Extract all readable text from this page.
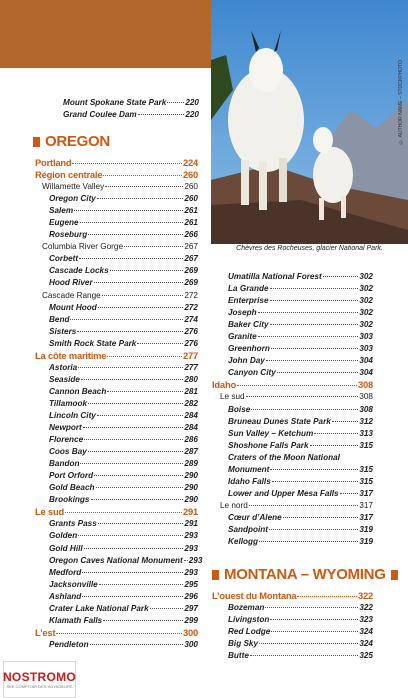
© AUTHOR NAME – STOCKPHOTO
Chèvres des Rocheuses, glacier National Park.
Mount Spokane State Park 220
Grand Coulee Dam	220
OREGON
Portland	224
Région centrale	260
Willamette Valley	260
Oregon City	260
Salem	261
Eugene	261
Roseburg	266
Columbia River Gorge	267
Corbett	267
Cascade Locks	269
Hood River	269
Cascade Range	272
Mount Hood	272
Bend	274
Sisters	276
Smith Rock State Park	276
La côte maritime	277
Astoria	277
Seaside	280
Cannon Beach	281
Tillamook	282
Lincoln City	284
Newport	284
Florence	286
Coos Bay	287
Bandon	289
Port Orford	290
Gold Beach	290
Brookings	290
Le sud	291
Grants Pass	291
Golden	293
Gold Hill	293
Oregon Caves National Monument 293
Medford	293
Jacksonville	295
Ashland	296
Crater Lake National Park	297
Klamath Falls	299
L’est	300
Pendleton	300
Umatilla National Forest	302
La Grande	302
Enterprise	302
Joseph	302
Baker City	302
Granite	303
Greenhorn	303
John Day	304
Canyon City	304
Idaho	308
Le sud	308
Boise	308
Bruneau Dunes State Park	312
Sun Valley – Ketchum	313
Shoshone Falls Park	315
Craters of the Moon National
Monument	315
Idaho Falls	315
Lower and Upper Mesa Falls	317
Le nord	317
Cœur d’Alene	317
Sandpoint	319
Kellogg	319
MONTANA – WYOMING
L’ouest du Montana	322
Bozeman	322
Livingston	323
Red Lodge	324
Big Sky	324
Butte	325
NOSTROMO
SEE COMPTOIR DES VOYAGEURS
